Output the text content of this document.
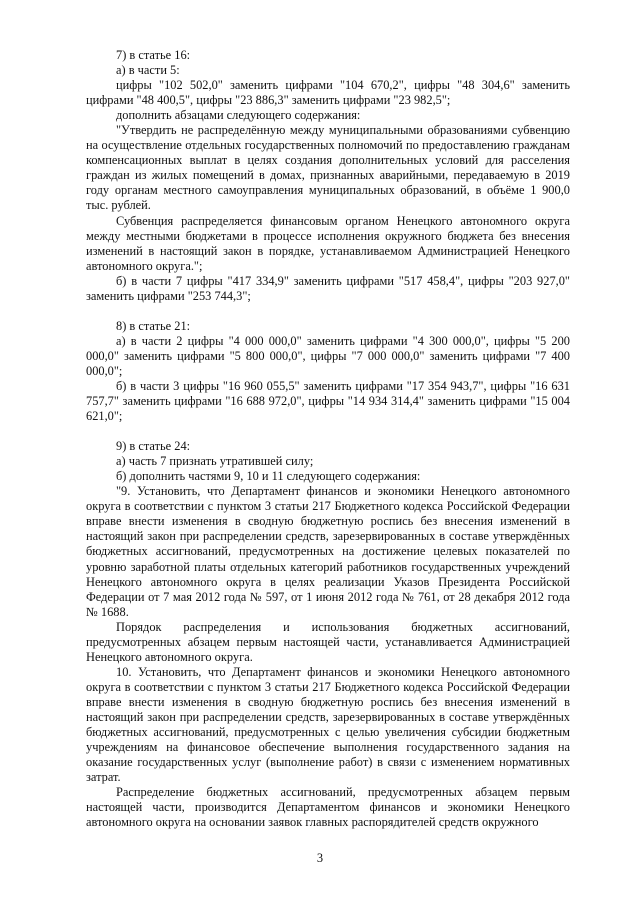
7) в статье 16:

а) в части 5:

цифры "102 502,0" заменить цифрами "104 670,2", цифры "48 304,6" заменить цифрами "48 400,5", цифры "23 886,3" заменить цифрами "23 982,5";

дополнить абзацами следующего содержания:

"Утвердить не распределённую между муниципальными образованиями субвенцию на осуществление отдельных государственных полномочий по предоставлению гражданам компенсационных выплат в целях создания дополнительных условий для расселения граждан из жилых помещений в домах, признанных аварийными, передаваемую в 2019 году органам местного самоуправления муниципальных образований, в объёме 1 900,0 тыс. рублей.

Субвенция распределяется финансовым органом Ненецкого автономного округа между местными бюджетами в процессе исполнения окружного бюджета без внесения изменений в настоящий закон в порядке, устанавливаемом Администрацией Ненецкого автономного округа.";

б) в части 7 цифры "417 334,9" заменить цифрами "517 458,4", цифры "203 927,0" заменить цифрами "253 744,3";

8) в статье 21:

а) в части 2 цифры "4 000 000,0" заменить цифрами "4 300 000,0", цифры "5 200 000,0" заменить цифрами "5 800 000,0", цифры "7 000 000,0" заменить цифрами "7 400 000,0";

б) в части 3 цифры "16 960 055,5" заменить цифрами "17 354 943,7", цифры "16 631 757,7" заменить цифрами "16 688 972,0", цифры "14 934 314,4" заменить цифрами "15 004 621,0";

9) в статье 24:

а) часть 7 признать утратившей силу;

б) дополнить частями 9, 10 и 11 следующего содержания:

"9. Установить, что Департамент финансов и экономики Ненецкого автономного округа в соответствии с пунктом 3 статьи 217 Бюджетного кодекса Российской Федерации вправе внести изменения в сводную бюджетную роспись без внесения изменений в настоящий закон при распределении средств, зарезервированных в составе утверждённых бюджетных ассигнований, предусмотренных на достижение целевых показателей по уровню заработной платы отдельных категорий работников государственных учреждений Ненецкого автономного округа в целях реализации Указов Президента Российской Федерации от 7 мая 2012 года № 597, от 1 июня 2012 года № 761, от 28 декабря 2012 года № 1688.

Порядок распределения и использования бюджетных ассигнований, предусмотренных абзацем первым настоящей части, устанавливается Администрацией Ненецкого автономного округа.

10. Установить, что Департамент финансов и экономики Ненецкого автономного округа в соответствии с пунктом 3 статьи 217 Бюджетного кодекса Российской Федерации вправе внести изменения в сводную бюджетную роспись без внесения изменений в настоящий закон при распределении средств, зарезервированных в составе утверждённых бюджетных ассигнований, предусмотренных с целью увеличения субсидии бюджетным учреждениям на финансовое обеспечение выполнения государственного задания на оказание государственных услуг (выполнение работ) в связи с изменением нормативных затрат.

Распределение бюджетных ассигнований, предусмотренных абзацем первым настоящей части, производится Департаментом финансов и экономики Ненецкого автономного округа на основании заявок главных распорядителей средств окружного

3
